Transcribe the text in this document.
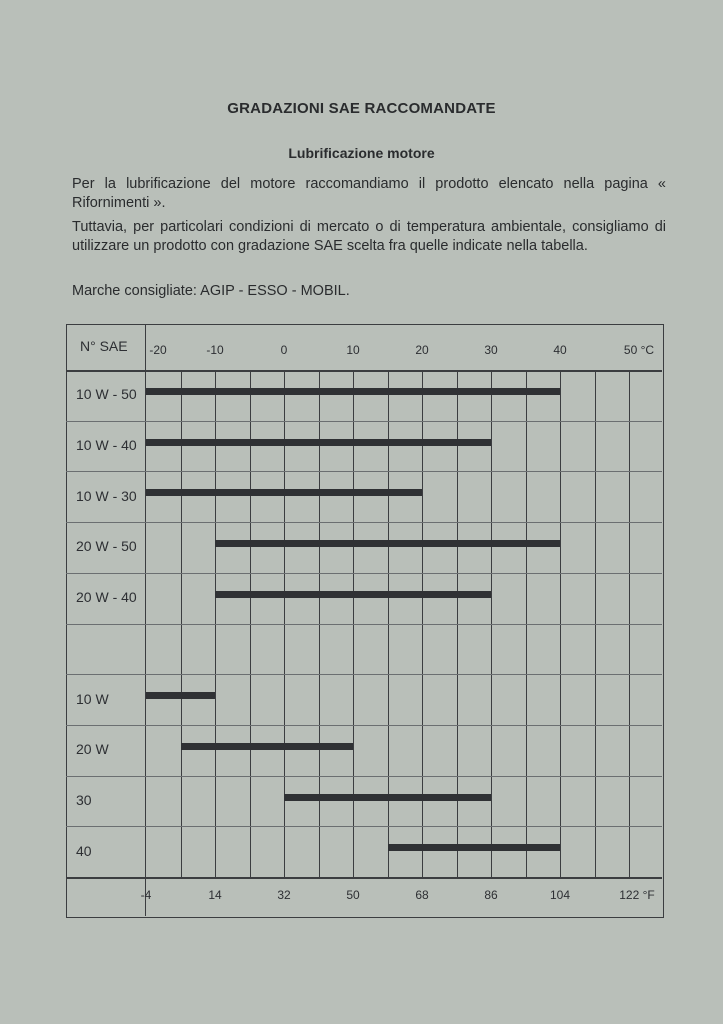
GRADAZIONI SAE RACCOMANDATE
Lubrificazione motore
Per la lubrificazione del motore raccomandiamo il prodotto elencato nella pagina « Rifornimenti ».
Tuttavia, per particolari condizioni di mercato o di temperatura ambientale, consigliamo di utilizzare un prodotto con gradazione SAE scelta fra quelle indicate nella tabella.
Marche consigliate: AGIP - ESSO - MOBIL.
N° SAE
10 W - 50
10 W - 40
10 W - 30
20 W - 50
20 W - 40
10 W
20 W
30
40
-20	-10	0	10	20	30	40	50 °C
-4	14	32	50	68	86	104	122 °F
